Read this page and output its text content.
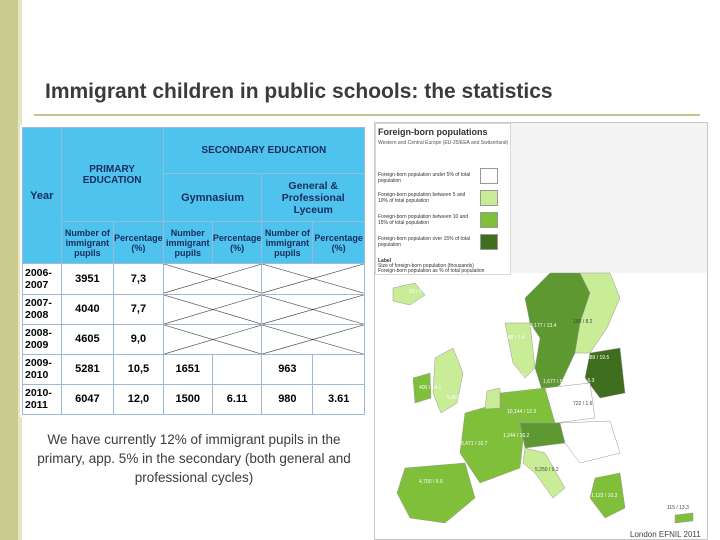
Immigrant children in public schools: the statistics
Year	PRIMARY EDUCATION		SECONDARY EDUCATION			
			Gymnasium		General & Professional Lyceum	
	Number of immigrant pupils	Percentage (%)	Number immigrant pupils	Percentage (%)	Number of immigrant pupils	Percentage (%)
2006-2007	3951	7,3	

2007-2008	4040	7,7	

2008-2009	4605	9,0	

2009-2010	5281	10,5	1651		963	
2010-2011	6047	12,0	1500	6.11	980	3.61
We have currently 12% of immigrant pupils in the primary, app. 5% in the secondary (both general and professional cycles)
Foreign-born populations
Western and Central Europe (EU-25/EEA and Switzerland)
Foreign-born population under 5% of total population
Foreign-born population between 5 and 10% of total population
Foreign-born population between 10 and 15% of total population
Foreign-born population over 15% of total population
Label
Size of foreign-born population (thousands)
Foreign-born population as % of total population
23 / 7.7
3,177 / 13.4
156 / 8.2
388 / 7.4
350 / 6.3
389 / 19.5
165 / 6.3
1,677 / 5.9
1,545 / 6.7
400 / 14.1
5,420 / 8.3
10,144 / 12.3
722 / 1.6
6,471 / 10.7
1,244 / 16.2
5,250 / 9.2
4,700 / 9.5
1,122 / 10.3
115 / 13.3
London EFNIL 2011
